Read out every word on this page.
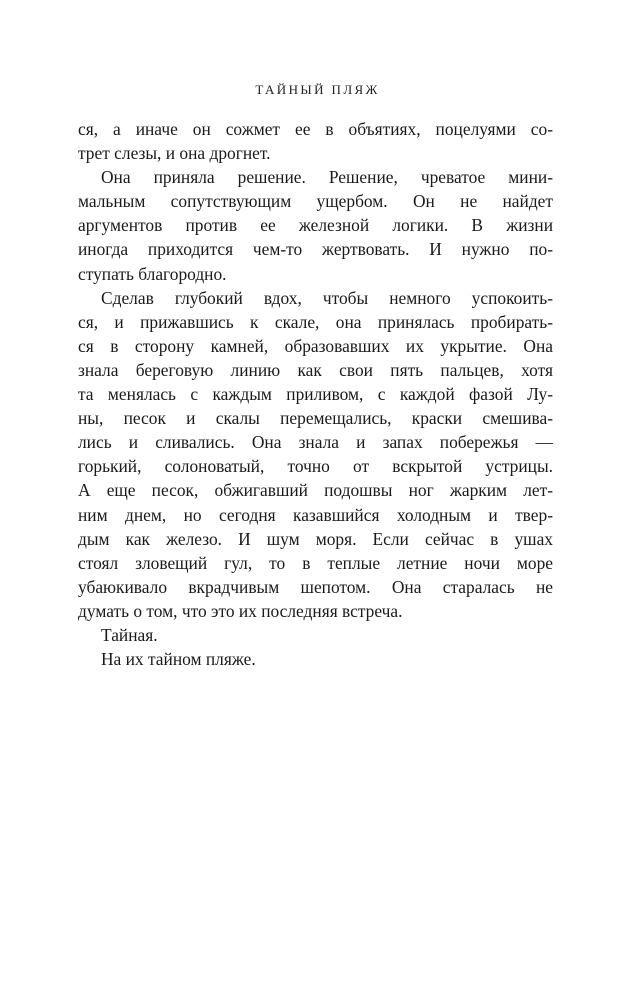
ТАЙНЫЙ ПЛЯЖ
ся, а иначе он сожмет ее в объятиях, поцелуями со-
трет слезы, и она дрогнет.
Она приняла решение. Решение, чреватое мини-
мальным сопутствующим ущербом. Он не найдет
аргументов против ее железной логики. В жизни
иногда приходится чем-то жертвовать. И нужно по-
ступать благородно.
Сделав глубокий вдох, чтобы немного успокоить-
ся, и прижавшись к скале, она принялась пробирать-
ся в сторону камней, образовавших их укрытие. Она
знала береговую линию как свои пять пальцев, хотя
та менялась с каждым приливом, с каждой фазой Лу-
ны, песок и скалы перемещались, краски смешива-
лись и сливались. Она знала и запах побережья —
горький, солоноватый, точно от вскрытой устрицы.
А еще песок, обжигавший подошвы ног жарким лет-
ним днем, но сегодня казавшийся холодным и твер-
дым как железо. И шум моря. Если сейчас в ушах
стоял зловещий гул, то в теплые летние ночи море
убаюкивало вкрадчивым шепотом. Она старалась не
думать о том, что это их последняя встреча.
Тайная.
На их тайном пляже.
